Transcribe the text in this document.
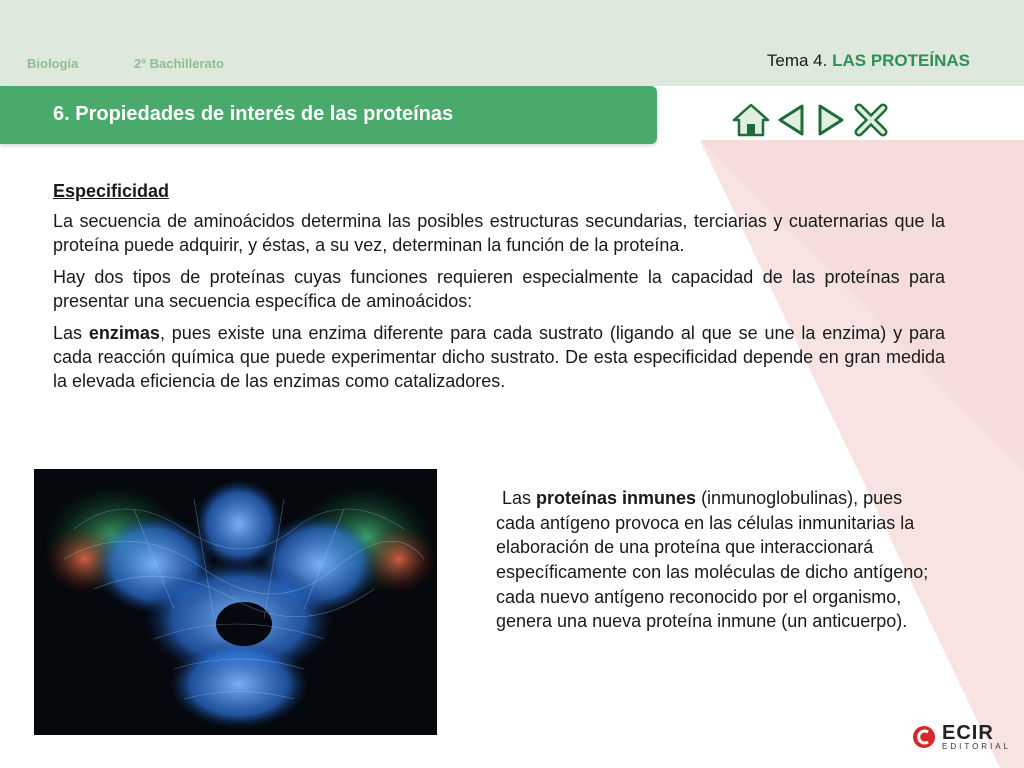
Biología	2º Bachillerato	Tema 4. LAS PROTEÍNAS
6. Propiedades de interés de las proteínas

Especificidad

La secuencia de aminoácidos determina las posibles estructuras secundarias, terciarias y cuaternarias que la proteína puede adquirir, y éstas, a su vez, determinan la función de la proteína.

Hay dos tipos de proteínas cuyas funciones requieren especialmente la capacidad de las proteínas para presentar una secuencia específica de aminoácidos:

Las enzimas, pues existe una enzima diferente para cada sustrato (ligando al que se une la enzima) y para cada reacción química que puede experimentar dicho sustrato. De esta especificidad depende en gran medida la elevada eficiencia de las enzimas como catalizadores.

Las proteínas inmunes (inmunoglobulinas), pues cada antígeno provoca en las células inmunitarias la elaboración de una proteína que interaccionará específicamente con las moléculas de dicho antígeno; cada nuevo antígeno reconocido por el organismo, genera una nueva proteína inmune (un anticuerpo).
ECIR
EDITORIAL
